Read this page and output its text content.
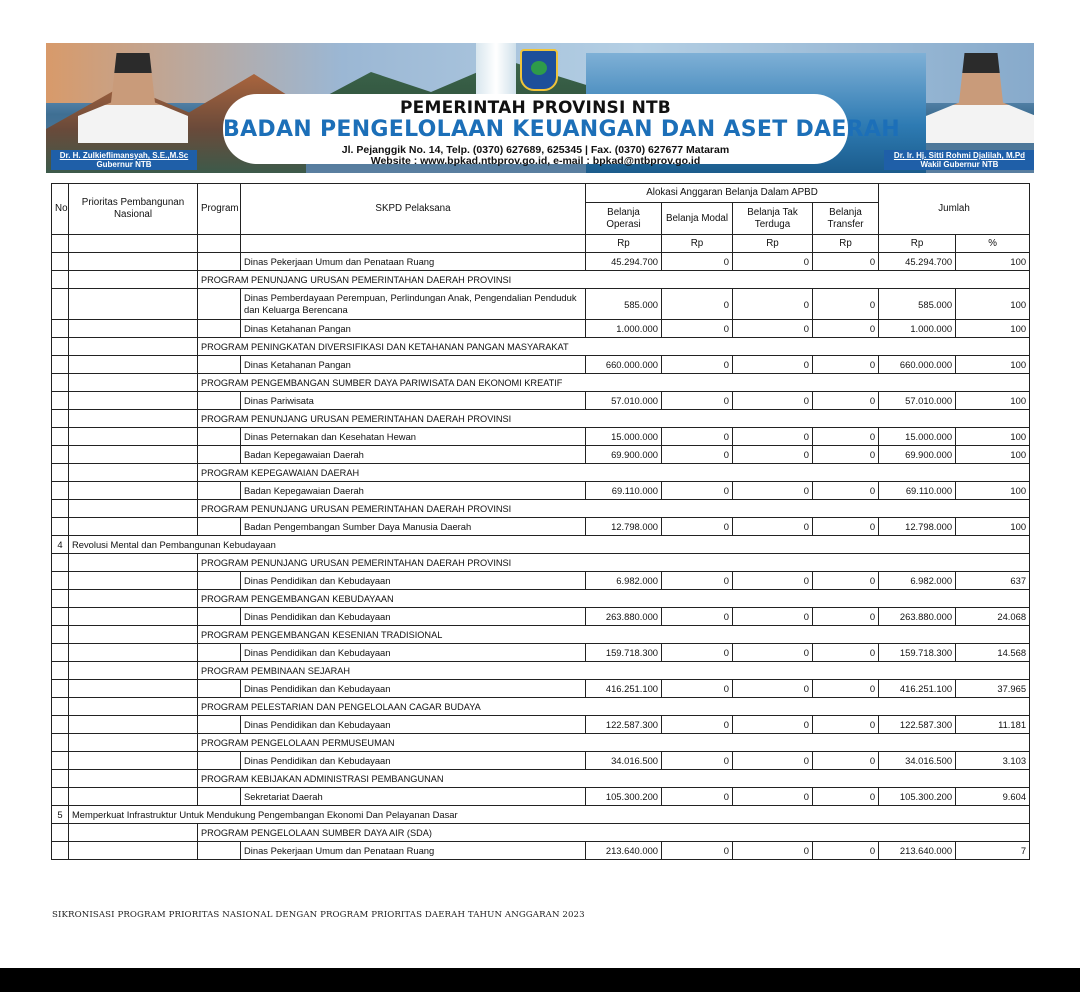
PEMERINTAH PROVINSI NTB
BADAN PENGELOLAAN KEUANGAN DAN ASET DAERAH
Jl. Pejanggik No. 14, Telp. (0370) 627689, 625345 | Fax. (0370) 627677 Mataram
Website : www.bpkad.ntbprov.go.id, e-mail : bpkad@ntbprov.go.id
Dr. H. Zulkieflimansyah, S.E.,M.Sc
Gubernur NTB
Dr. Ir. Hj. Sitti Rohmi Djalilah, M.Pd
Wakil Gubernur NTB
No	Prioritas Pembangunan Nasional	Program	SKPD Pelaksana	Alokasi Anggaran Belanja Dalam APBD				Jumlah	
				Belanja Operasi	Belanja Modal	Belanja Tak Terduga	Belanja Transfer		
				Rp	Rp	Rp	Rp	Rp	%
			Dinas Pekerjaan Umum dan Penataan Ruang	45.294.700	0	0	0	45.294.700	100
		PROGRAM PENUNJANG URUSAN PEMERINTAHAN DAERAH PROVINSI							
			Dinas Pemberdayaan Perempuan, Perlindungan Anak, Pengendalian Penduduk dan Keluarga Berencana	585.000	0	0	0	585.000	100
			Dinas Ketahanan Pangan	1.000.000	0	0	0	1.000.000	100
		PROGRAM PENINGKATAN DIVERSIFIKASI DAN KETAHANAN PANGAN MASYARAKAT							
			Dinas Ketahanan Pangan	660.000.000	0	0	0	660.000.000	100
		PROGRAM PENGEMBANGAN SUMBER DAYA PARIWISATA DAN EKONOMI KREATIF							
			Dinas Pariwisata	57.010.000	0	0	0	57.010.000	100
		PROGRAM PENUNJANG URUSAN PEMERINTAHAN DAERAH PROVINSI							
			Dinas Peternakan dan Kesehatan Hewan	15.000.000	0	0	0	15.000.000	100
			Badan Kepegawaian Daerah	69.900.000	0	0	0	69.900.000	100
		PROGRAM KEPEGAWAIAN DAERAH							
			Badan Kepegawaian Daerah	69.110.000	0	0	0	69.110.000	100
		PROGRAM PENUNJANG URUSAN PEMERINTAHAN DAERAH PROVINSI							
			Badan Pengembangan Sumber Daya Manusia Daerah	12.798.000	0	0	0	12.798.000	100
4	Revolusi Mental dan Pembangunan Kebudayaan								
		PROGRAM PENUNJANG URUSAN PEMERINTAHAN DAERAH PROVINSI							
			Dinas Pendidikan dan Kebudayaan	6.982.000	0	0	0	6.982.000	637
		PROGRAM PENGEMBANGAN KEBUDAYAAN							
			Dinas Pendidikan dan Kebudayaan	263.880.000	0	0	0	263.880.000	24.068
		PROGRAM PENGEMBANGAN KESENIAN TRADISIONAL							
			Dinas Pendidikan dan Kebudayaan	159.718.300	0	0	0	159.718.300	14.568
		PROGRAM PEMBINAAN SEJARAH							
			Dinas Pendidikan dan Kebudayaan	416.251.100	0	0	0	416.251.100	37.965
		PROGRAM PELESTARIAN DAN PENGELOLAAN CAGAR BUDAYA							
			Dinas Pendidikan dan Kebudayaan	122.587.300	0	0	0	122.587.300	11.181
		PROGRAM PENGELOLAAN PERMUSEUMAN							
			Dinas Pendidikan dan Kebudayaan	34.016.500	0	0	0	34.016.500	3.103
		PROGRAM KEBIJAKAN ADMINISTRASI PEMBANGUNAN							
			Sekretariat Daerah	105.300.200	0	0	0	105.300.200	9.604
5	Memperkuat Infrastruktur Untuk Mendukung Pengembangan Ekonomi Dan Pelayanan Dasar								
		PROGRAM PENGELOLAAN SUMBER DAYA AIR (SDA)							
			Dinas Pekerjaan Umum dan Penataan Ruang	213.640.000	0	0	0	213.640.000	7
SIKRONISASI PROGRAM PRIORITAS NASIONAL DENGAN PROGRAM PRIORITAS DAERAH TAHUN ANGGARAN 2023
